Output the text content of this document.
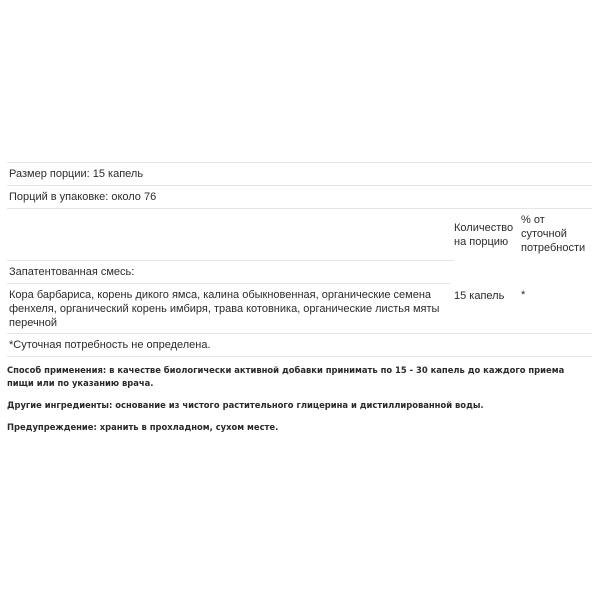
Размер порции: 15 капель
Порций в упаковке: около 76
Количество на порцию
% от суточной потребности
Запатентованная смесь:
Кора барбариса, корень дикого ямса, калина обыкновенная, органические семена фенхеля, органический корень имбиря, трава котовника, органические листья мяты перечной
15 капель *
*Суточная потребность не определена.

Способ применения: в качестве биологически активной добавки принимать по 15 - 30 капель до каждого приема пищи или по указанию врача.

Другие ингредиенты: основание из чистого растительного глицерина и дистиллированной воды.

Предупреждение: хранить в прохладном, сухом месте.
